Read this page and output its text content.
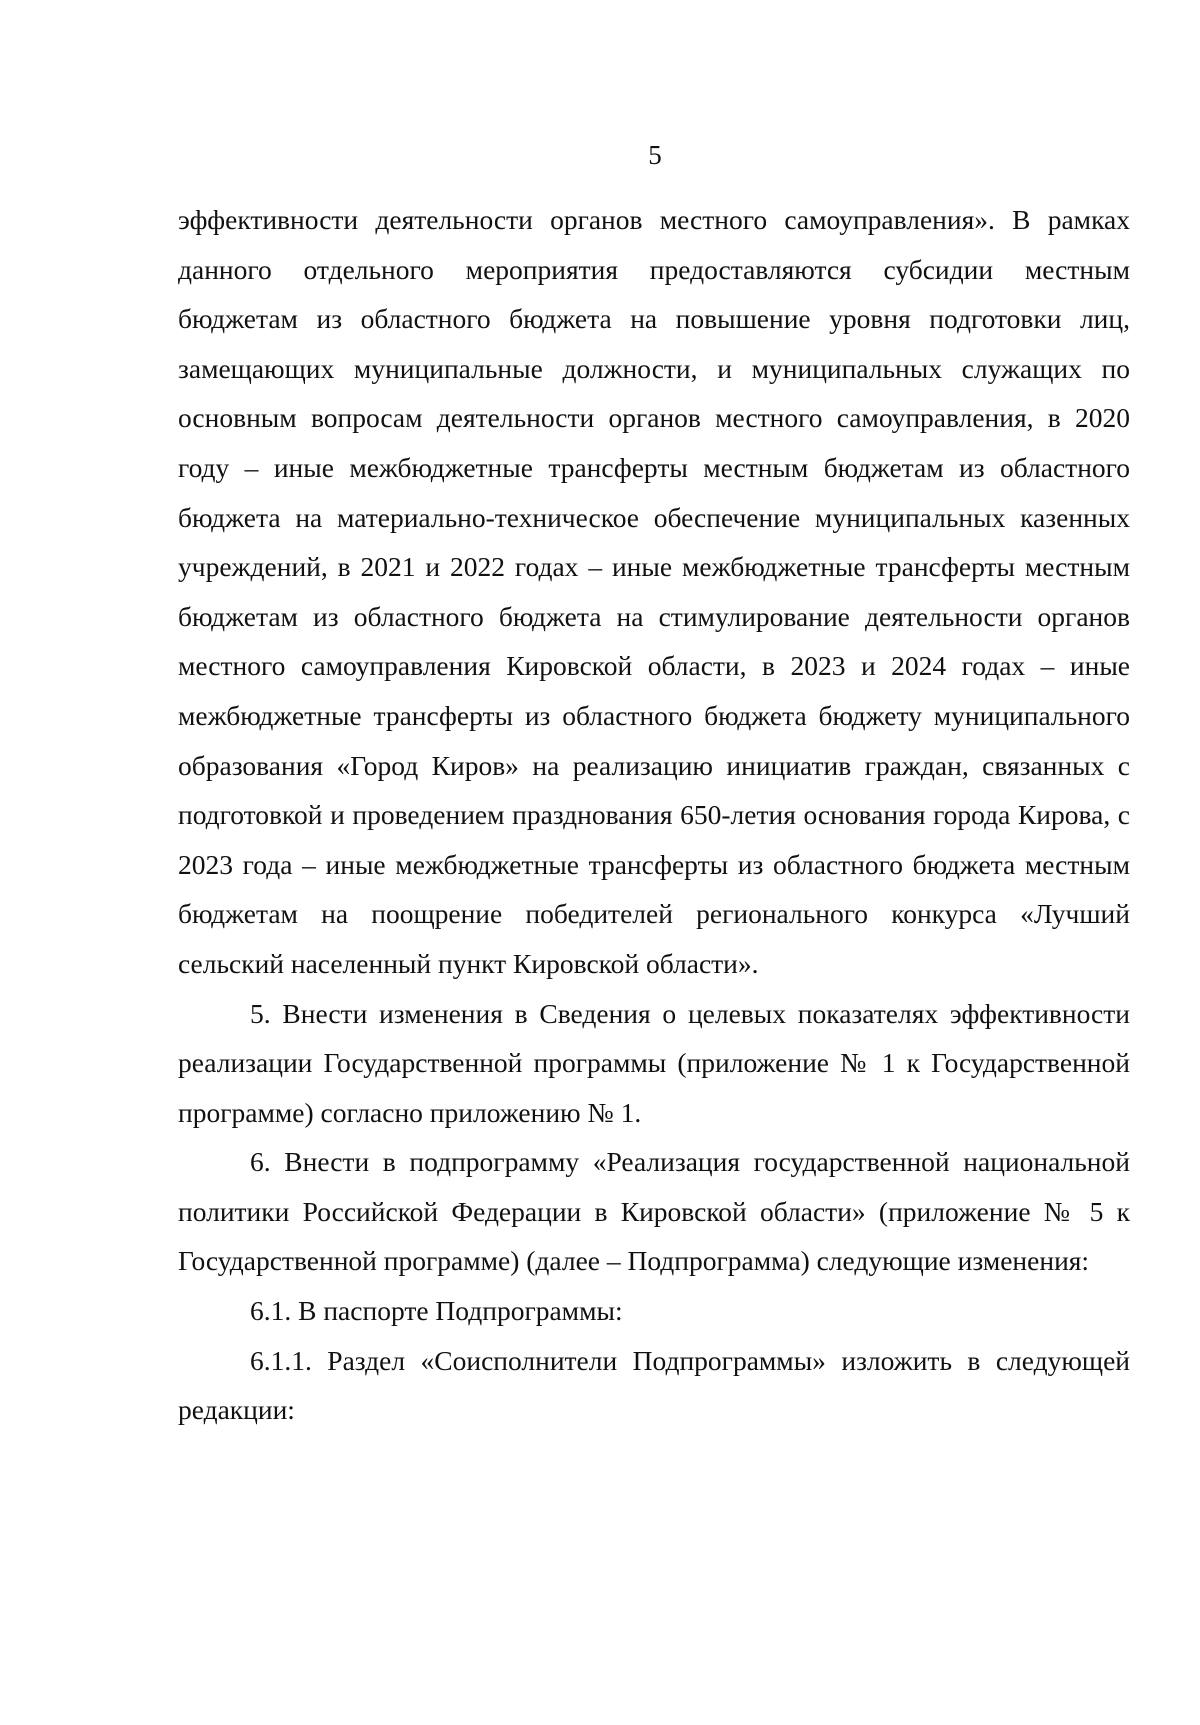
5

эффективности деятельности органов местного самоуправления». В рамках данного отдельного мероприятия предоставляются субсидии местным бюджетам из областного бюджета на повышение уровня подготовки лиц, замещающих муниципальные должности, и муниципальных служащих по основным вопросам деятельности органов местного самоуправления, в 2020 году – иные межбюджетные трансферты местным бюджетам из областного бюджета на материально-техническое обеспечение муниципальных казенных учреждений, в 2021 и 2022 годах – иные межбюджетные трансферты местным бюджетам из областного бюджета на стимулирование деятельности органов местного самоуправления Кировской области, в 2023 и 2024 годах – иные межбюджетные трансферты из областного бюджета бюджету муниципального образования «Город Киров» на реализацию инициатив граждан, связанных с подготовкой и проведением празднования 650-летия основания города Кирова, с 2023 года – иные межбюджетные трансферты из областного бюджета местным бюджетам на поощрение победителей регионального конкурса «Лучший сельский населенный пункт Кировской области».

5. Внести изменения в Сведения о целевых показателях эффективности реализации Государственной программы (приложение № 1 к Государственной программе) согласно приложению № 1.

6. Внести в подпрограмму «Реализация государственной национальной политики Российской Федерации в Кировской области» (приложение № 5 к Государственной программе) (далее – Подпрограмма) следующие изменения:

6.1. В паспорте Подпрограммы:

6.1.1. Раздел «Соисполнители Подпрограммы» изложить в следующей редакции:
